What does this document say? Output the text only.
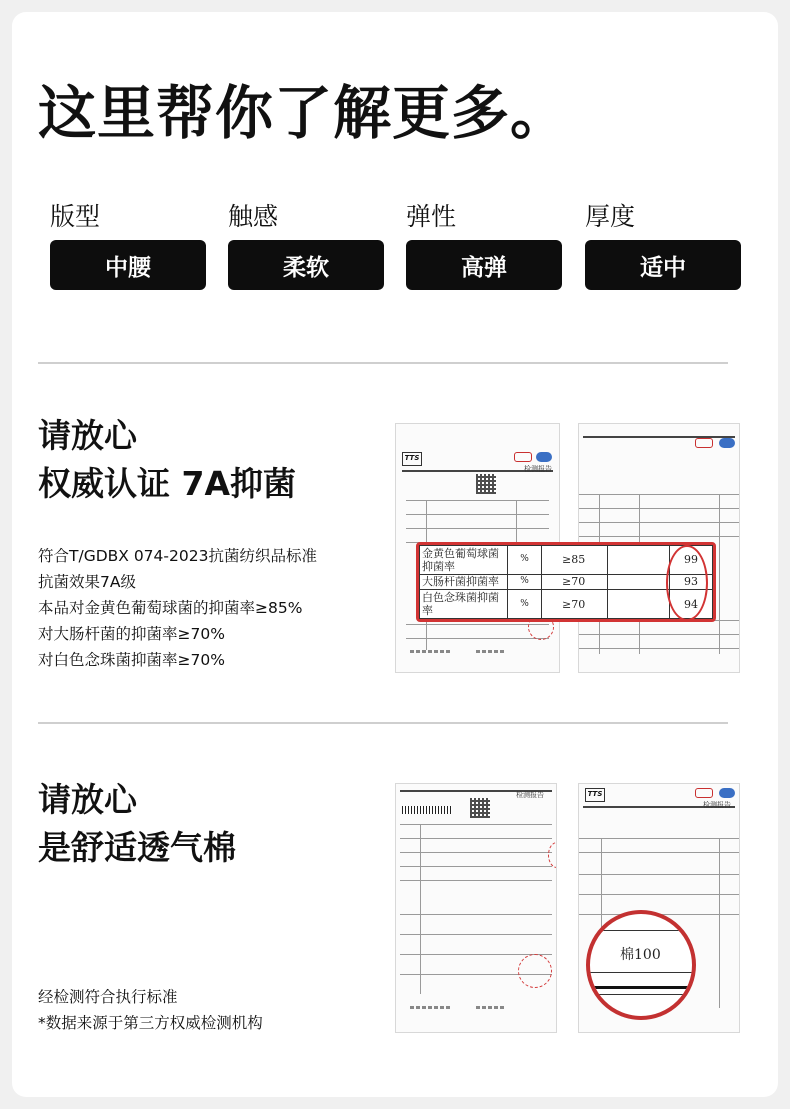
这里帮你了解更多。
版型
中腰
触感
柔软
弹性
高弹
厚度
适中
请放心
权威认证 7A抑菌
符合T/GDBX 074-2023抗菌纺织品标准
抗菌效果7A级
本品对金黄色葡萄球菌的抑菌率≥85%
对大肠杆菌的抑菌率≥70%
对白色念珠菌抑菌率≥70%
TTS
检测报告
金黄色葡萄球菌抑菌率	%	≥85		99
大肠杆菌抑菌率	%	≥70		93
白色念珠菌抑菌率	%	≥70		94
请放心
是舒适透气棉
经检测符合执行标准
*数据来源于第三方权威检测机构
检测报告	TTS
检测报告
棉100
